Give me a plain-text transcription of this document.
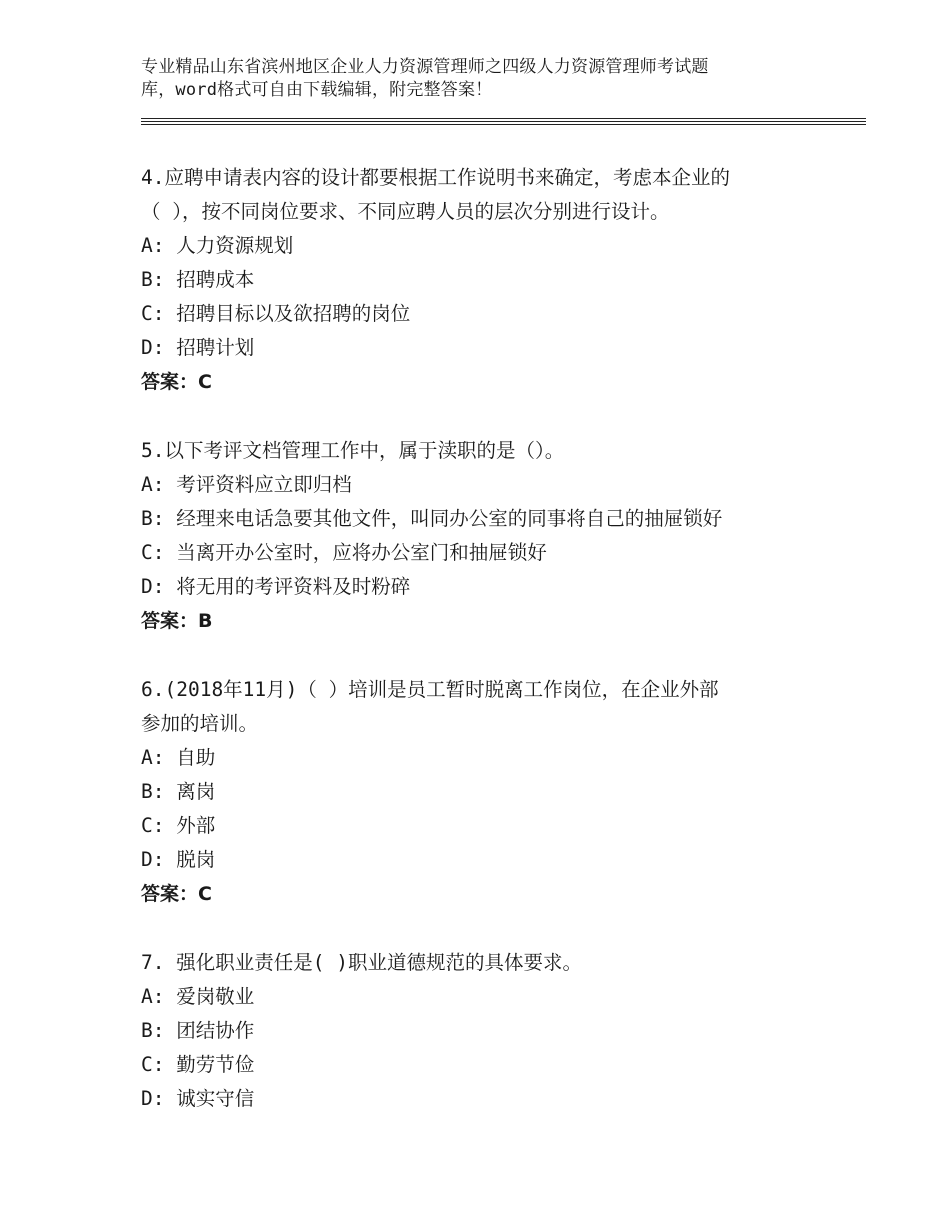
专业精品山东省滨州地区企业人力资源管理师之四级人力资源管理师考试题
库，word格式可自由下载编辑，附完整答案！
4.应聘申请表内容的设计都要根据工作说明书来确定，考虑本企业的
（ ），按不同岗位要求、不同应聘人员的层次分别进行设计。
A: 人力资源规划
B: 招聘成本
C: 招聘目标以及欲招聘的岗位
D: 招聘计划
答案：C
5.以下考评文档管理工作中，属于渎职的是（）。
A: 考评资料应立即归档
B: 经理来电话急要其他文件，叫同办公室的同事将自己的抽屉锁好
C: 当离开办公室时，应将办公室门和抽屉锁好
D: 将无用的考评资料及时粉碎
答案：B
6.(2018年11月)（ ）培训是员工暂时脱离工作岗位，在企业外部
参加的培训。
A: 自助
B: 离岗
C: 外部
D: 脱岗
答案：C
7. 强化职业责任是( )职业道德规范的具体要求。
A: 爱岗敬业
B: 团结协作
C: 勤劳节俭
D: 诚实守信
